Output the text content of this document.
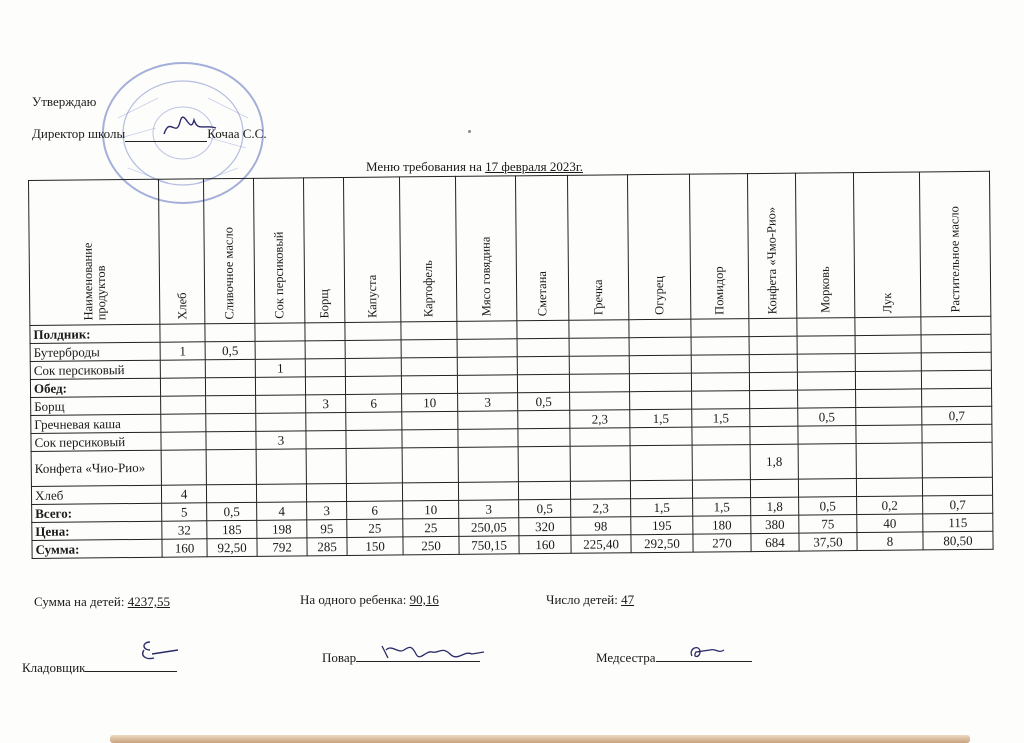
Утверждаю
Директор школы	Кочаа С.С.
Меню требования на 17 февраля 2023г.
Наименование продуктов	Хлеб	Сливочное масло	Сок персиковый	Борщ	Капуста	Картофель	Мясо говядина	Сметана	Гречка	Огурец	Помидор	Конфета «Чмо-Рио»	Морковь	Лук	Растительное масло

Полдник:															
Бутерброды	1	0,5													
Сок персиковый			1												
Обед:															
Борщ				3	6	10	3	0,5							
Гречневая каша									2,3	1,5	1,5		0,5		0,7
Сок персиковый			3												
Конфета «Чио-Рио»												1,8			
Хлеб	4														
Всего:	5	0,5	4	3	6	10	3	0,5	2,3	1,5	1,5	1,8	0,5	0,2	0,7
Цена:	32	185	198	95	25	25	250,05	320	98	195	180	380	75	40	115
Сумма:	160	92,50	792	285	150	250	750,15	160	225,40	292,50	270	684	37,50	8	80,50
Сумма на детей: 4237,55	На одного ребенка: 90,16	Число детей: 47
Кладовщик
Повар	Медсестра
